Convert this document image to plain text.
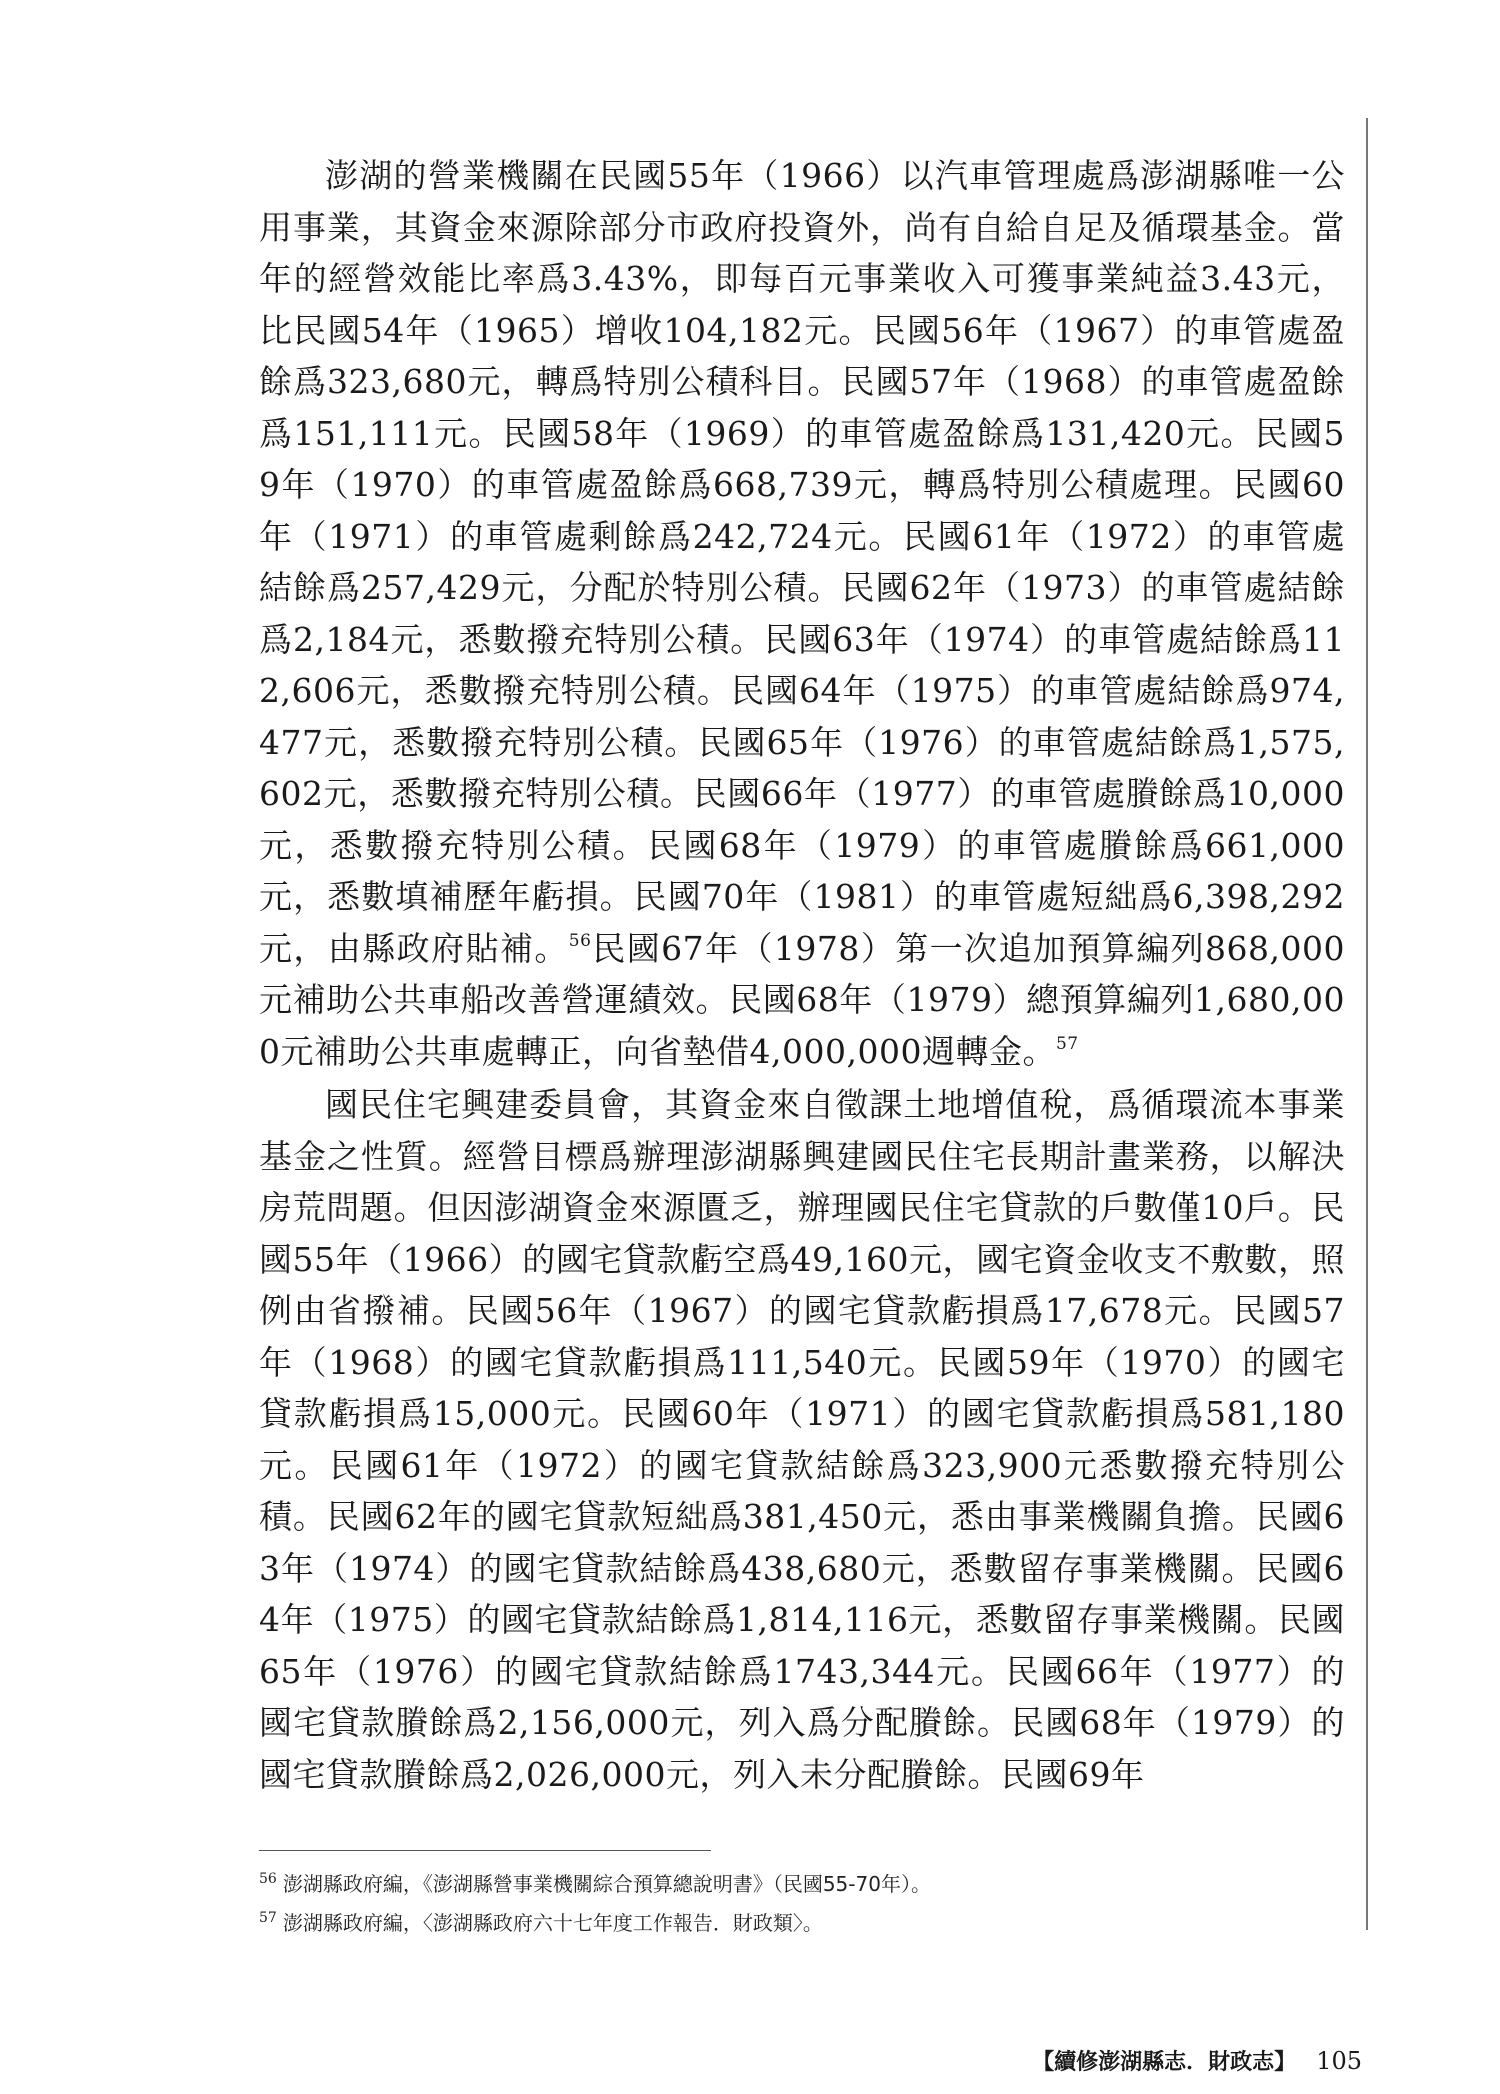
澎湖的營業機關在民國55年（1966）以汽車管理處爲澎湖縣唯一公用事業，其資金來源除部分市政府投資外，尚有自給自足及循環基金。當年的經營效能比率爲3.43%，即每百元事業收入可獲事業純益3.43元，比民國54年（1965）增收104,182元。民國56年（1967）的車管處盈餘爲323,680元，轉爲特別公積科目。民國57年（1968）的車管處盈餘爲151,111元。民國58年（1969）的車管處盈餘爲131,420元。民國59年（1970）的車管處盈餘爲668,739元，轉爲特別公積處理。民國60年（1971）的車管處剩餘爲242,724元。民國61年（1972）的車管處結餘爲257,429元，分配於特別公積。民國62年（1973）的車管處結餘爲2,184元，悉數撥充特別公積。民國63年（1974）的車管處結餘爲112,606元，悉數撥充特別公積。民國64年（1975）的車管處結餘爲974,477元，悉數撥充特別公積。民國65年（1976）的車管處結餘爲1,575,602元，悉數撥充特別公積。民國66年（1977）的車管處賸餘爲10,000元，悉數撥充特別公積。民國68年（1979）的車管處賸餘爲661,000元，悉數填補歷年虧損。民國70年（1981）的車管處短絀爲6,398,292元，由縣政府貼補。$^{56}$民國67年（1978）第一次追加預算編列868,000元補助公共車船改善營運績效。民國68年（1979）總預算編列1,680,000元補助公共車處轉正，向省墊借4,000,000週轉金。$^{57}$

國民住宅興建委員會，其資金來自徵課土地增值稅，爲循環流本事業基金之性質。經營目標爲辦理澎湖縣興建國民住宅長期計畫業務，以解決房荒問題。但因澎湖資金來源匱乏，辦理國民住宅貸款的戶數僅10戶。民國55年（1966）的國宅貸款虧空爲49,160元，國宅資金收支不敷數，照例由省撥補。民國56年（1967）的國宅貸款虧損爲17,678元。民國57年（1968）的國宅貸款虧損爲111,540元。民國59年（1970）的國宅貸款虧損爲15,000元。民國60年（1971）的國宅貸款虧損爲581,180元。民國61年（1972）的國宅貸款結餘爲323,900元悉數撥充特別公積。民國62年的國宅貸款短絀爲381,450元，悉由事業機關負擔。民國63年（1974）的國宅貸款結餘爲438,680元，悉數留存事業機關。民國64年（1975）的國宅貸款結餘爲1,814,116元，悉數留存事業機關。民國65年（1976）的國宅貸款結餘爲1743,344元。民國66年（1977）的國宅貸款賸餘爲2,156,000元，列入爲分配賸餘。民國68年（1979）的國宅貸款賸餘爲2,026,000元，列入未分配賸餘。民國69年

$^{56}$ 澎湖縣政府編，《澎湖縣營事業機關綜合預算總說明書》（民國55-70年）。

$^{57}$ 澎湖縣政府編，〈澎湖縣政府六十七年度工作報告．財政類〉。

【續修澎湖縣志．財政志】 105
